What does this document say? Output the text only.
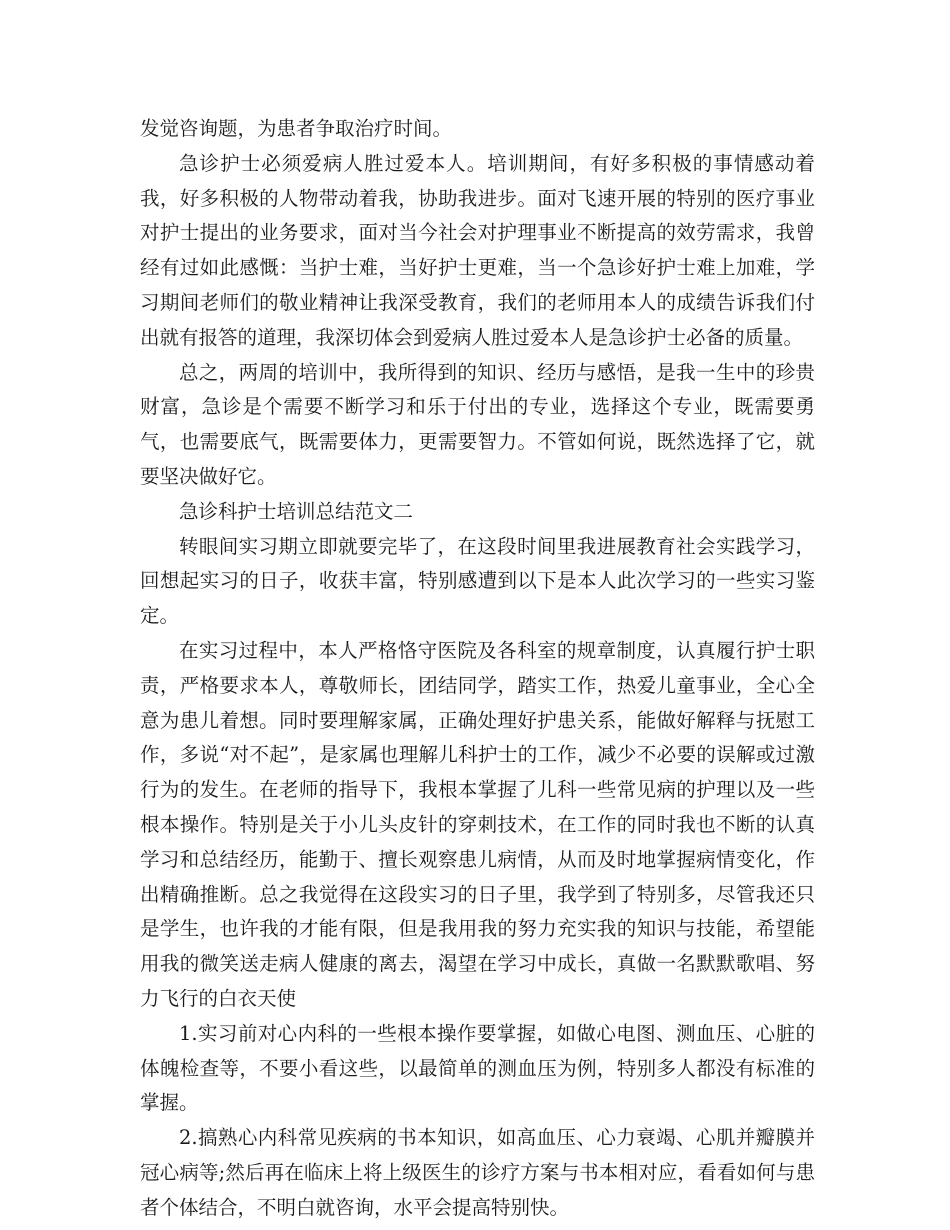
发觉咨询题，为患者争取治疗时间。

急诊护士必须爱病人胜过爱本人。培训期间，有好多积极的事情感动着我，好多积极的人物带动着我，协助我进步。面对飞速开展的特别的医疗事业对护士提出的业务要求，面对当今社会对护理事业不断提高的效劳需求，我曾经有过如此感慨：当护士难，当好护士更难，当一个急诊好护士难上加难，学习期间老师们的敬业精神让我深受教育，我们的老师用本人的成绩告诉我们付出就有报答的道理，我深切体会到爱病人胜过爱本人是急诊护士必备的质量。

总之，两周的培训中，我所得到的知识、经历与感悟，是我一生中的珍贵财富，急诊是个需要不断学习和乐于付出的专业，选择这个专业，既需要勇气，也需要底气，既需要体力，更需要智力。不管如何说，既然选择了它，就要坚决做好它。

急诊科护士培训总结范文二

转眼间实习期立即就要完毕了，在这段时间里我进展教育社会实践学习，回想起实习的日子，收获丰富，特别感遭到以下是本人此次学习的一些实习鉴定。

在实习过程中，本人严格恪守医院及各科室的规章制度，认真履行护士职责，严格要求本人，尊敬师长，团结同学，踏实工作，热爱儿童事业，全心全意为患儿着想。同时要理解家属，正确处理好护患关系，能做好解释与抚慰工作，多说“对不起”，是家属也理解儿科护士的工作，减少不必要的误解或过激行为的发生。在老师的指导下，我根本掌握了儿科一些常见病的护理以及一些根本操作。特别是关于小儿头皮针的穿刺技术，在工作的同时我也不断的认真学习和总结经历，能勤于、擅长观察患儿病情，从而及时地掌握病情变化，作出精确推断。总之我觉得在这段实习的日子里，我学到了特别多，尽管我还只是学生，也许我的才能有限，但是我用我的努力充实我的知识与技能，希望能用我的微笑送走病人健康的离去，渴望在学习中成长，真做一名默默歌唱、努力飞行的白衣天使

1.实习前对心内科的一些根本操作要掌握，如做心电图、测血压、心脏的体魄检查等，不要小看这些，以最简单的测血压为例，特别多人都没有标准的掌握。

2.搞熟心内科常见疾病的书本知识，如高血压、心力衰竭、心肌并瓣膜并冠心病等;然后再在临床上将上级医生的诊疗方案与书本相对应，看看如何与患者个体结合，不明白就咨询，水平会提高特别快。
